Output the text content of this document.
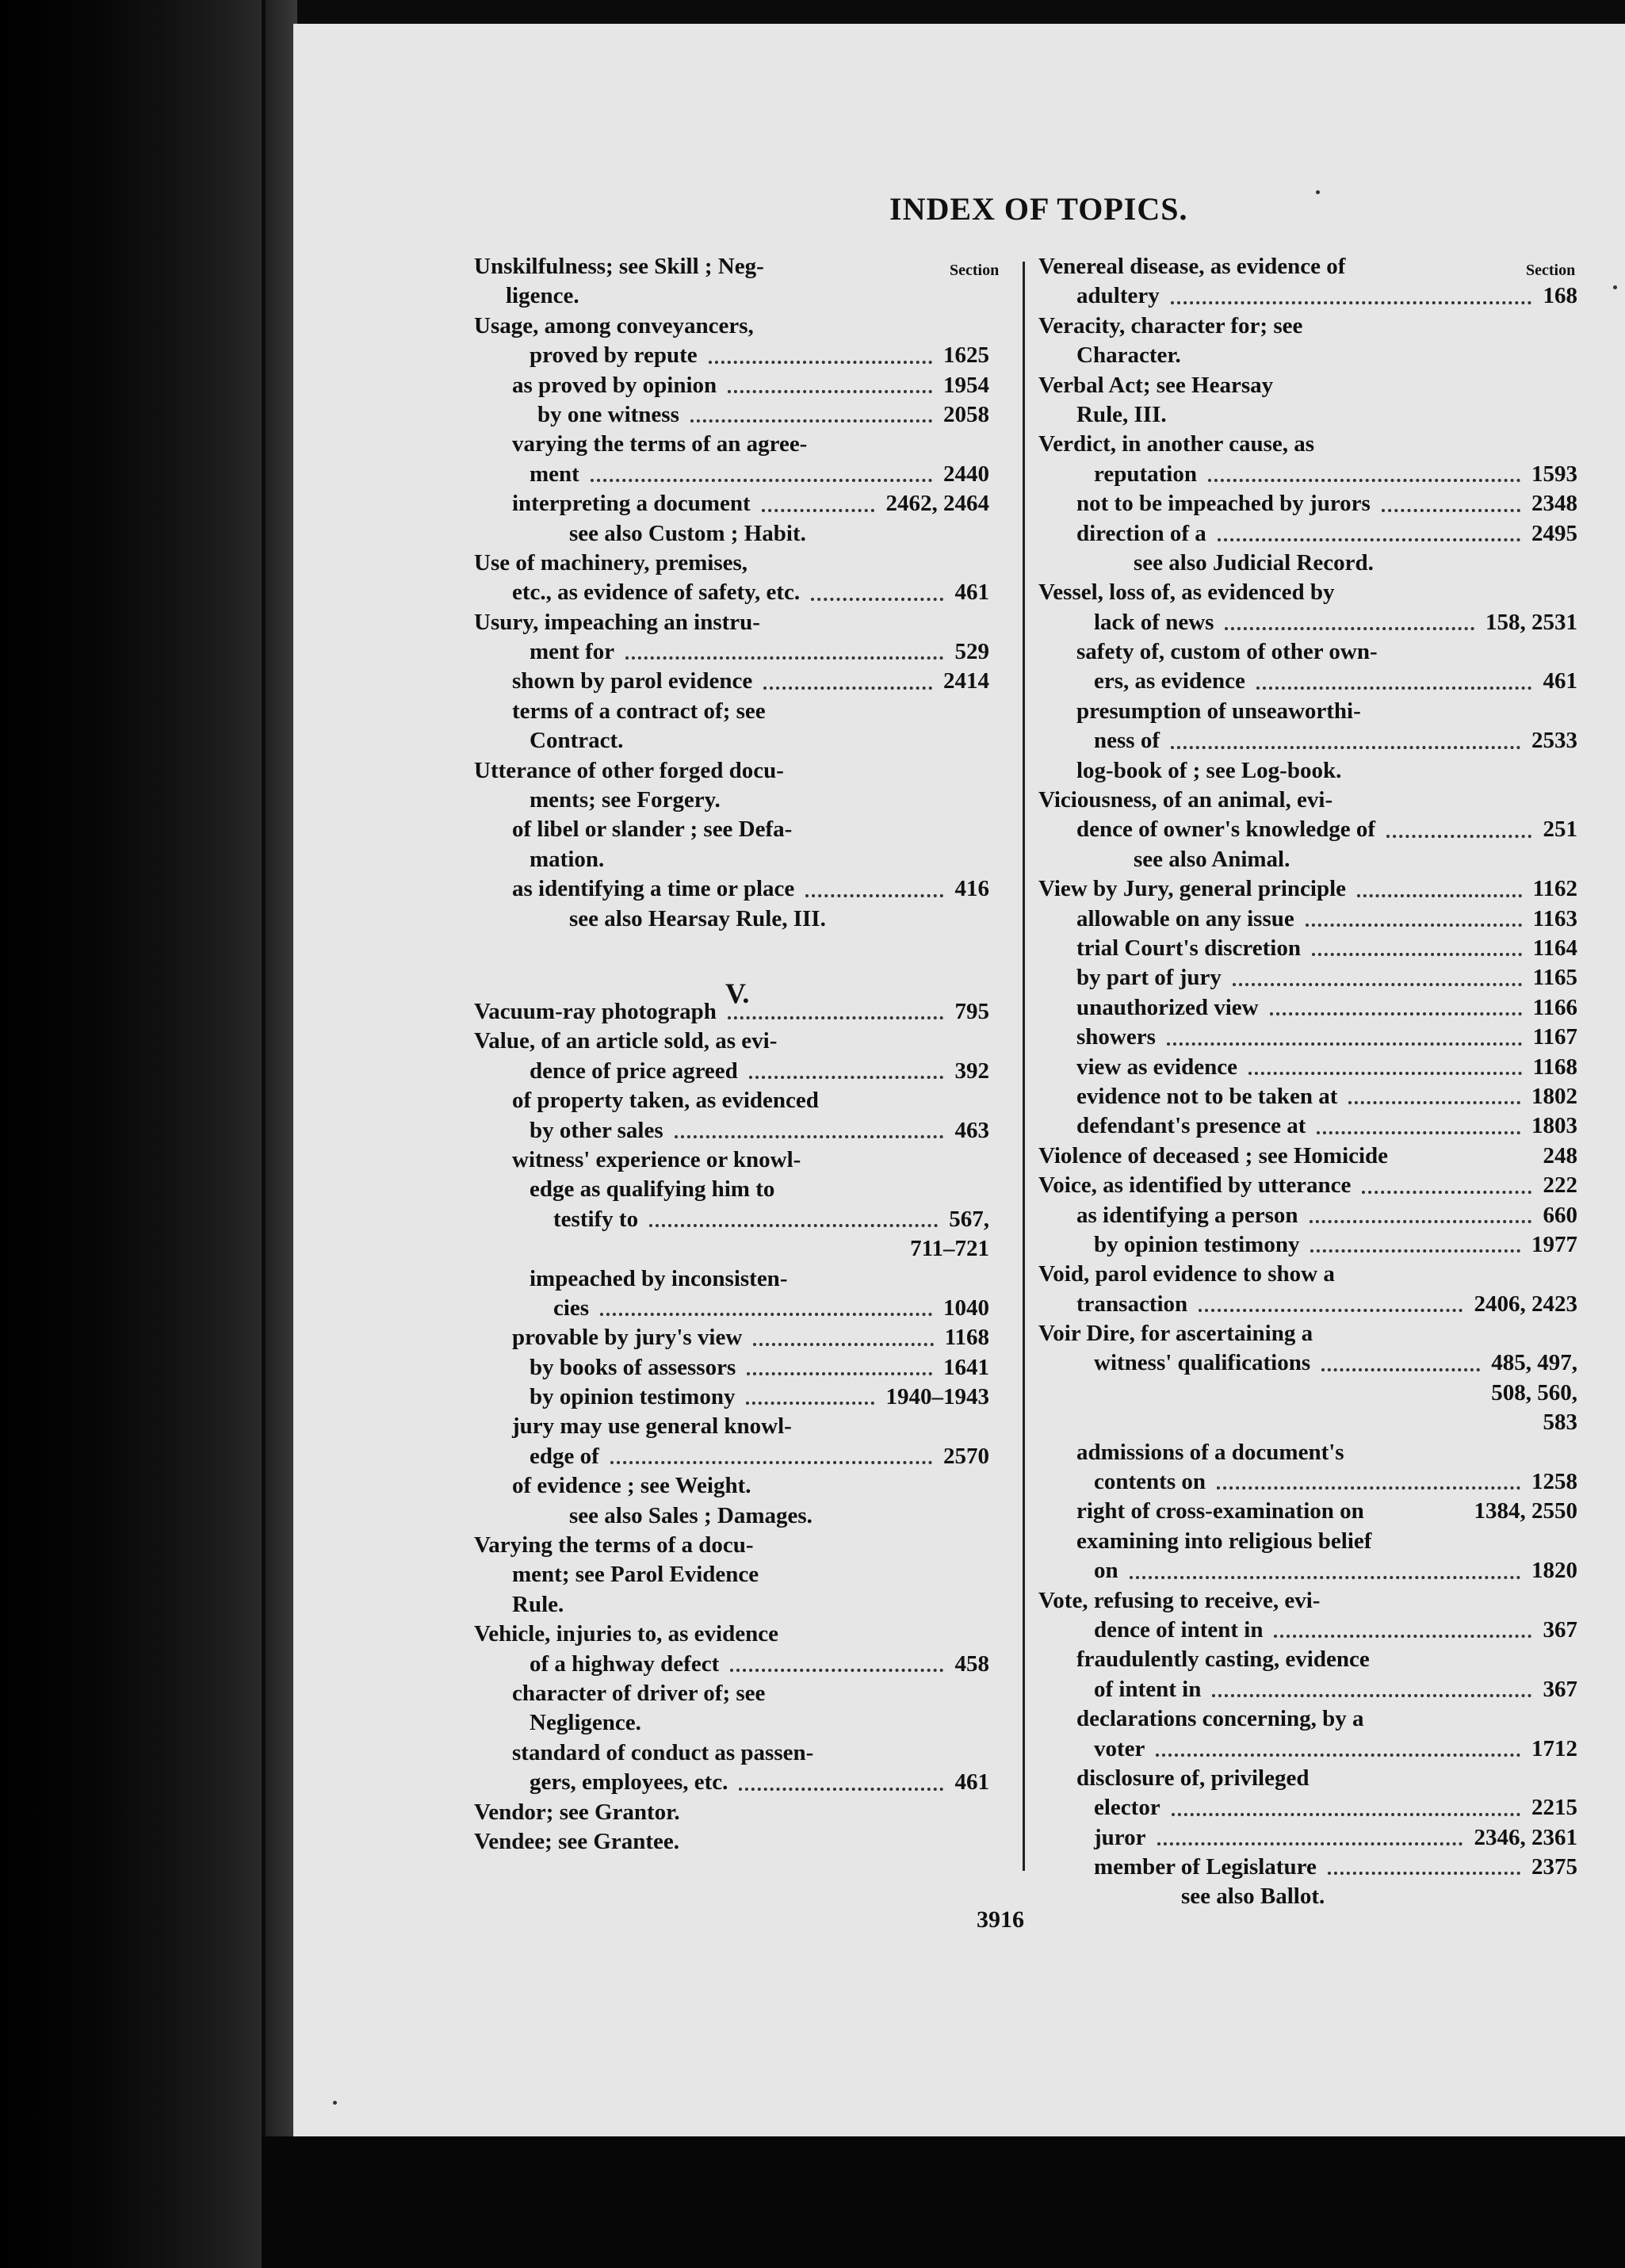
INDEX OF TOPICS.
Section	Section
Unskilfulness; see Skill ; Neg-
ligence.
Usage, among conveyancers,
proved by repute	1625
as proved by opinion	1954
by one witness	2058
varying the terms of an agree-
ment	2440
interpreting a document	2462, 2464
see also Custom ; Habit.
Use of machinery, premises,
etc., as evidence of safety, etc.	461
Usury, impeaching an instru-
ment for	529
shown by parol evidence	2414
terms of a contract of; see
Contract.
Utterance of other forged docu-
ments; see Forgery.
of libel or slander ; see Defa-
mation.
as identifying a time or place	416
see also Hearsay Rule, III.
Vacuum-ray photograph	795
Value, of an article sold, as evi-
dence of price agreed	392
of property taken, as evidenced
by other sales	463
witness' experience or knowl-
edge as qualifying him to
testify to	567,
711–721
impeached by inconsisten-
cies	1040
provable by jury's view	1168
by books of assessors	1641
by opinion testimony	1940–1943
jury may use general knowl-
edge of	2570
of evidence ; see Weight.
see also Sales ; Damages.
Varying the terms of a docu-
ment; see Parol Evidence
Rule.
Vehicle, injuries to, as evidence
of a highway defect	458
character of driver of; see
Negligence.
standard of conduct as passen-
gers, employees, etc.	461
Vendor; see Grantor.
Vendee; see Grantee.
Venereal disease, as evidence of
adultery	168
Veracity, character for; see
Character.
Verbal Act; see Hearsay
Rule, III.
Verdict, in another cause, as
reputation	1593
not to be impeached by jurors	2348
direction of a	2495
see also Judicial Record.
Vessel, loss of, as evidenced by
lack of news	158, 2531
safety of, custom of other own-
ers, as evidence	461
presumption of unseaworthi-
ness of	2533
log-book of ; see Log-book.
Viciousness, of an animal, evi-
dence of owner's knowledge of	251
see also Animal.
View by Jury, general principle	1162
allowable on any issue	1163
trial Court's discretion	1164
by part of jury	1165
unauthorized view	1166
showers	1167
view as evidence	1168
evidence not to be taken at	1802
defendant's presence at	1803
Violence of deceased ; see Homicide	248
Voice, as identified by utterance	222
as identifying a person	660
by opinion testimony	1977
Void, parol evidence to show a
transaction	2406, 2423
Voir Dire, for ascertaining a
witness' qualifications	485, 497,
508, 560,
583
admissions of a document's
contents on	1258
right of cross-examination on	1384, 2550
examining into religious belief
on	1820
Vote, refusing to receive, evi-
dence of intent in	367
fraudulently casting, evidence
of intent in	367
declarations concerning, by a
voter	1712
disclosure of, privileged
elector	2215
juror	2346, 2361
member of Legislature	2375
see also Ballot.
V.
3916
